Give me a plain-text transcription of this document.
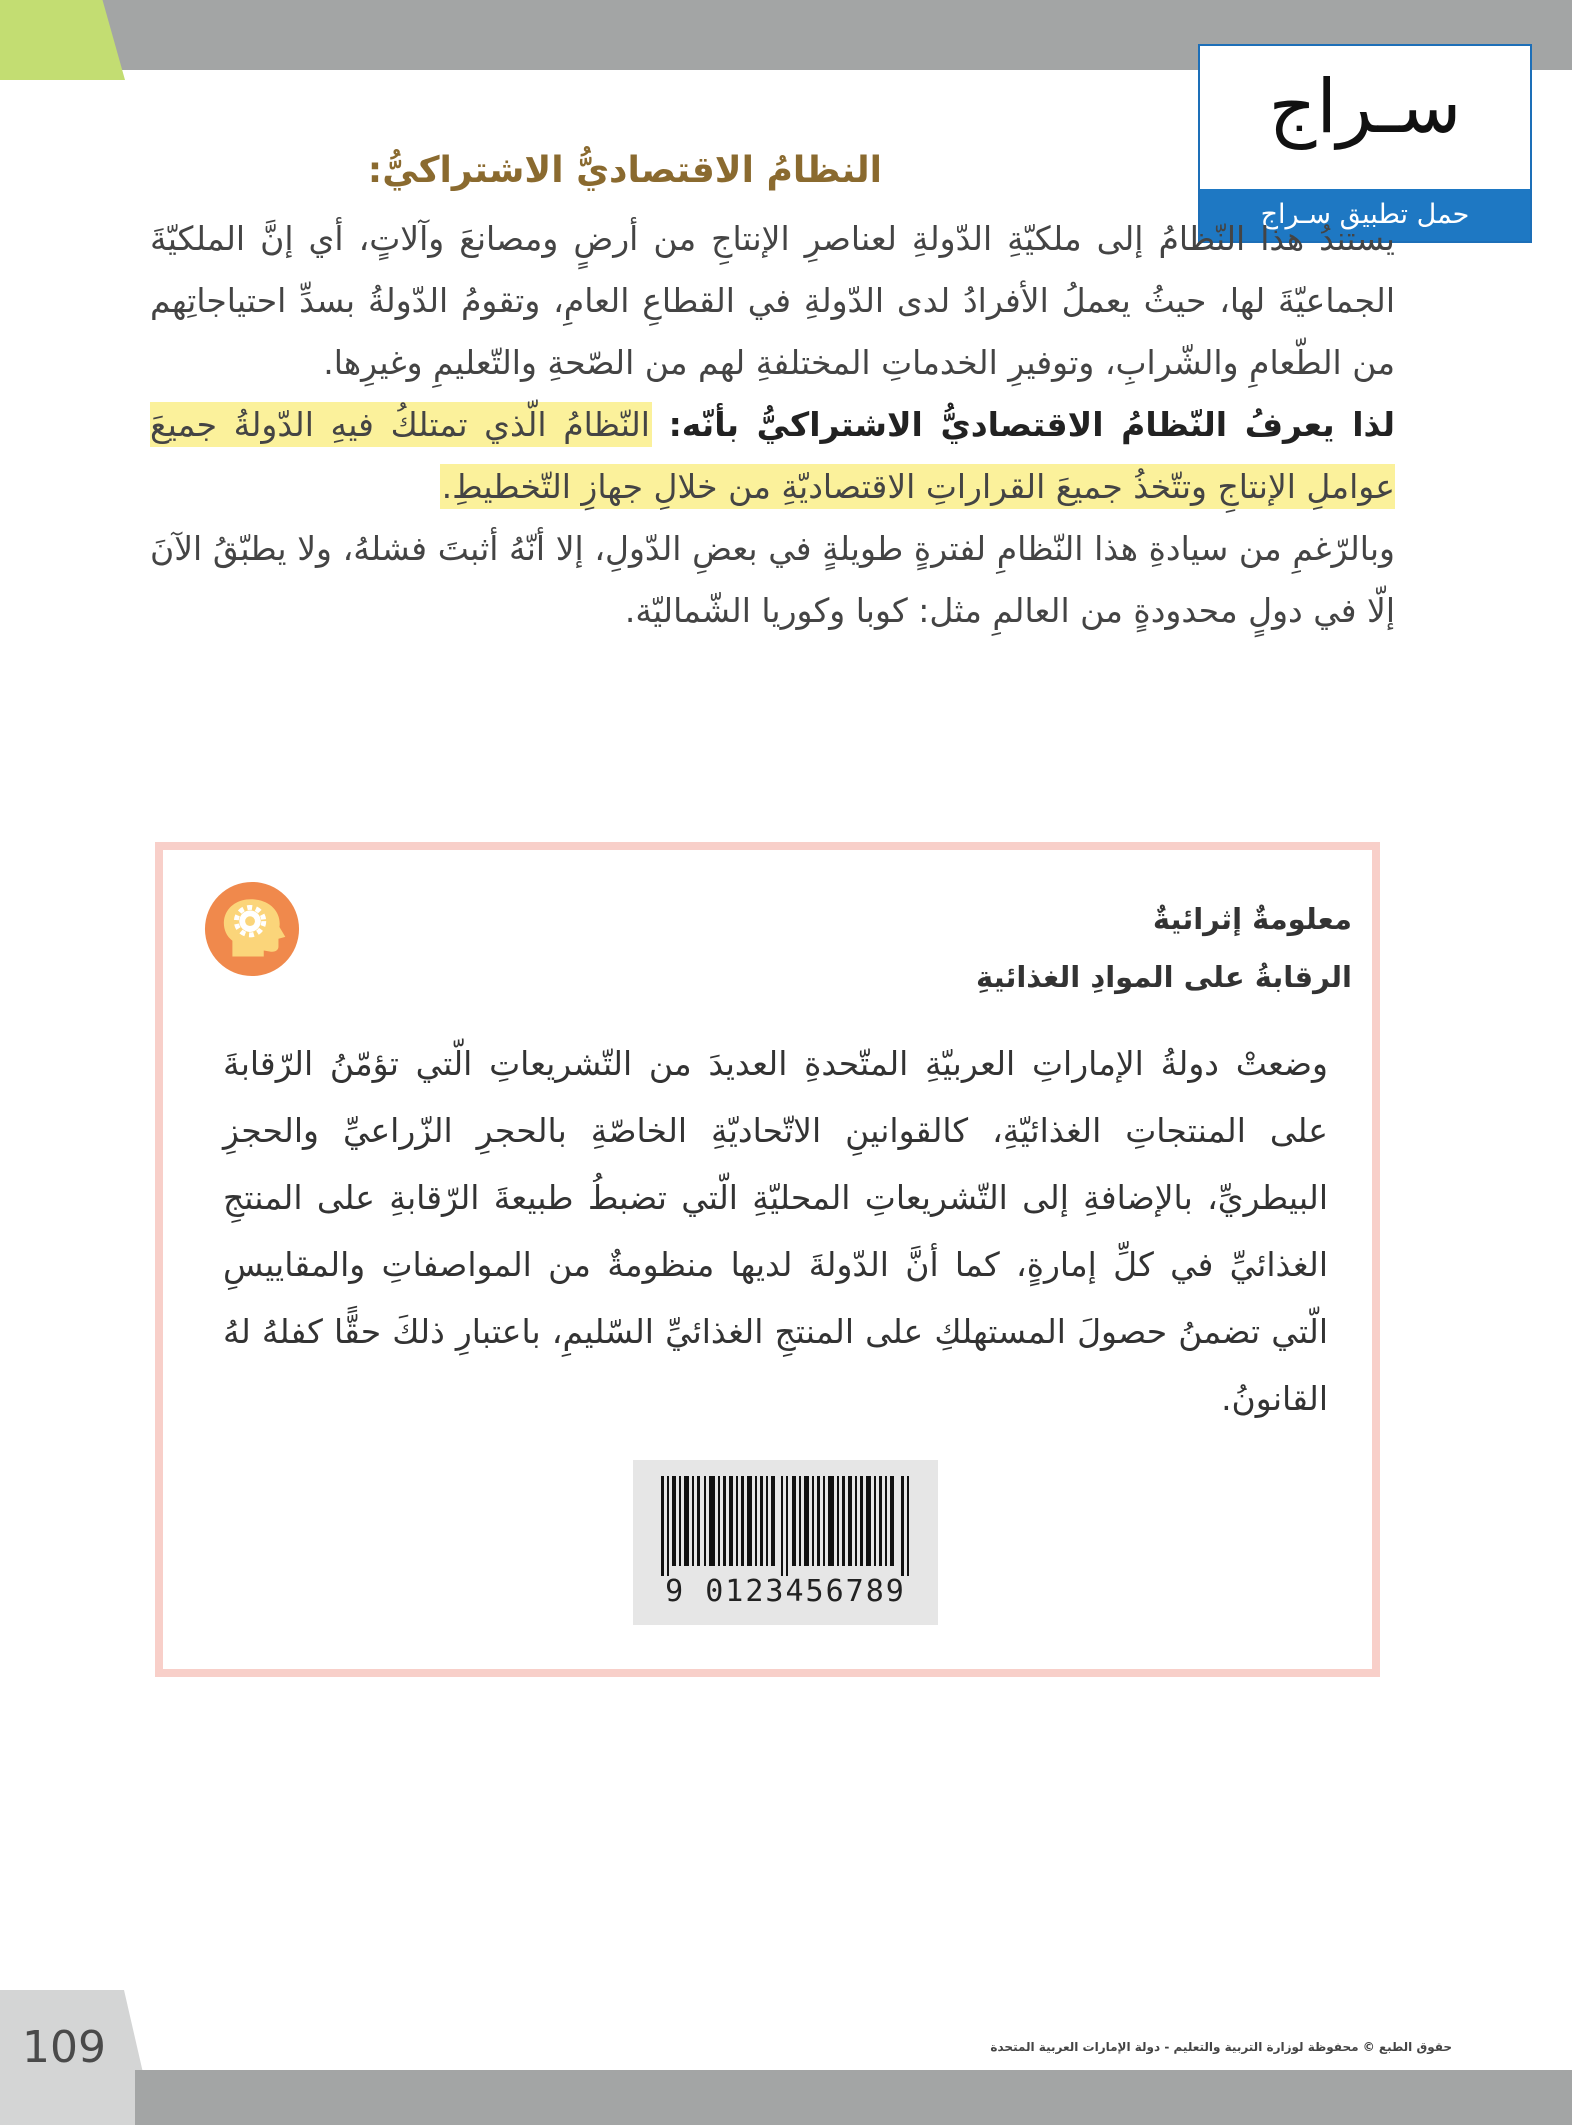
سـراج
حمل تطبيق سـراج
النظامُ الاقتصاديُّ الاشتراكيُّ:

يستندُ هذا النّظامُ إلى ملكيّةِ الدّولةِ لعناصرِ الإنتاجِ من أرضٍ ومصانعَ وآلاتٍ، أي إنَّ الملكيّةَ الجماعيّةَ لها، حيثُ يعملُ الأفرادُ لدى الدّولةِ في القطاعِ العامِ، وتقومُ الدّولةُ بسدِّ احتياجاتِهم من الطّعامِ والشّرابِ، وتوفيرِ الخدماتِ المختلفةِ لهم من الصّحةِ والتّعليمِ وغيرِها.

لذا يعرفُ النّظامُ الاقتصاديُّ الاشتراكيُّ بأنّه: النّظامُ الّذي تمتلكُ فيهِ الدّولةُ جميعَ عواملِ الإنتاجِ وتتّخذُ جميعَ القراراتِ الاقتصاديّةِ من خلالِ جهازِ التّخطيطِ.

وبالرّغمِ من سيادةِ هذا النّظامِ لفترةٍ طويلةٍ في بعضِ الدّولِ، إلا أنّهُ أثبتَ فشلهُ، ولا يطبّقُ الآنَ إلّا في دولٍ محدودةٍ من العالمِ مثل: كوبا وكوريا الشّماليّة.

معلومةٌ إثرائيةٌ
الرقابةُ على الموادِ الغذائيةِ

وضعتْ دولةُ الإماراتِ العربيّةِ المتّحدةِ العديدَ من التّشريعاتِ الّتي تؤمّنُ الرّقابةَ على المنتجاتِ الغذائيّةِ، كالقوانينِ الاتّحاديّةِ الخاصّةِ بالحجرِ الزّراعيِّ والحجزِ البيطريِّ، بالإضافةِ إلى التّشريعاتِ المحليّةِ الّتي تضبطُ طبيعةَ الرّقابةِ على المنتجِ الغذائيِّ في كلِّ إمارةٍ، كما أنَّ الدّولةَ لديها منظومةٌ من المواصفاتِ والمقاييسِ الّتي تضمنُ حصولَ المستهلكِ على المنتجِ الغذائيِّ السّليمِ، باعتبارِ ذلكَ حقًّا كفلهُ لهُ القانونُ.

9 0123456789
109	حقوق الطبع © محفوظة لوزارة التربية والتعليم - دولة الإمارات العربية المتحدة
